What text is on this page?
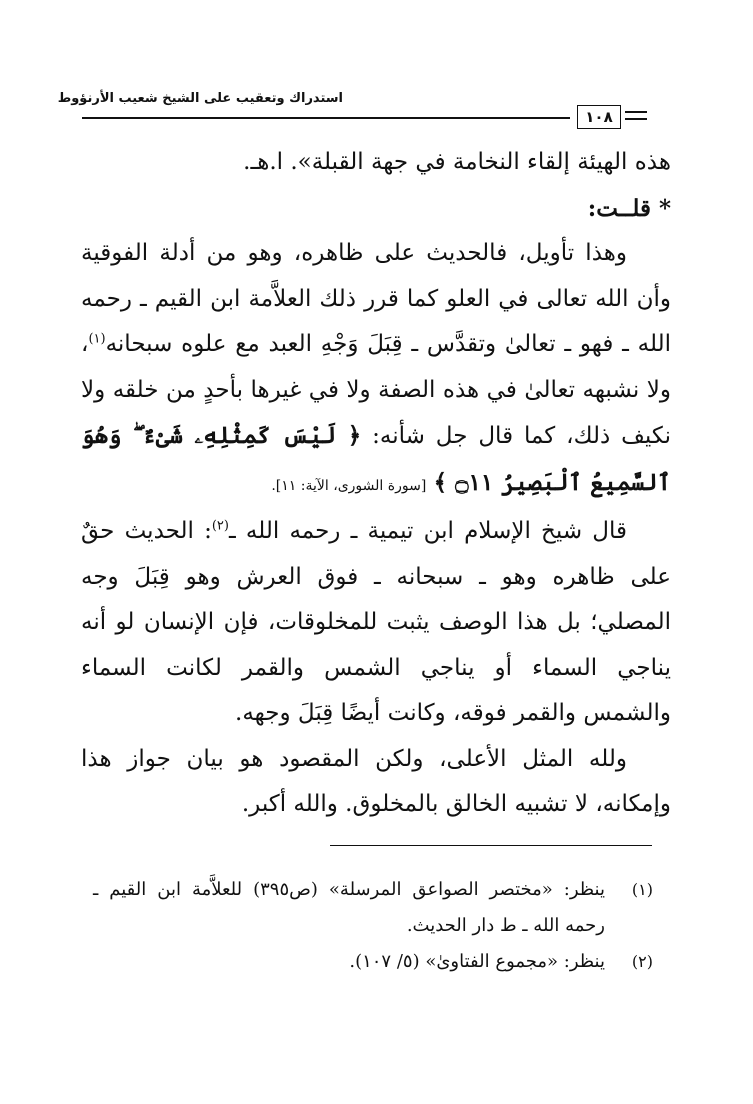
استدراك وتعقيب على الشيخ شعيب الأرنؤوط
١٠٨

هذه الهيئة إلقاء النخامة في جهة القبلة». ا.هـ.

* قلــت:

وهذا تأويل، فالحديث على ظاهره، وهو من أدلة الفوقية وأن الله تعالى في العلو كما قرر ذلك العلاَّمة ابن القيم ـ رحمه الله ـ فهو ـ تعالىٰ وتقدَّس ـ قِبَلَ وَجْهِ العبد مع علوه سبحانه$^{(١)}$، ولا نشبهه تعالىٰ في هذه الصفة ولا في غيرها بأحدٍ من خلقه ولا نكيف ذلك، كما قال جل شأنه: ﴿ لَيْسَ كَمِثْلِهِۦ شَىْءٌ ۖ وَهُوَ ٱلسَّمِيعُ ٱلْبَصِيرُ ۝١١ ﴾ [سورة الشورى، الآية: ١١].

قال شيخ الإسلام ابن تيمية ـ رحمه الله ـ$^{(٢)}$: الحديث حقٌ على ظاهره وهو ـ سبحانه ـ فوق العرش وهو قِبَلَ وجه المصلي؛ بل هذا الوصف يثبت للمخلوقات، فإن الإنسان لو أنه يناجي السماء أو يناجي الشمس والقمر لكانت السماء والشمس والقمر فوقه، وكانت أيضًا قِبَلَ وجهه.

ولله المثل الأعلى، ولكن المقصود هو بيان جواز هذا وإمكانه، لا تشبيه الخالق بالمخلوق. والله أكبر.

(١)
ينظر: «مختصر الصواعق المرسلة» (ص٣٩٥) للعلاَّمة ابن القيم ـ رحمه الله ـ ط دار الحديث.
(٢)
ينظر: «مجموع الفتاوىٰ» (٥/ ١٠٧).
